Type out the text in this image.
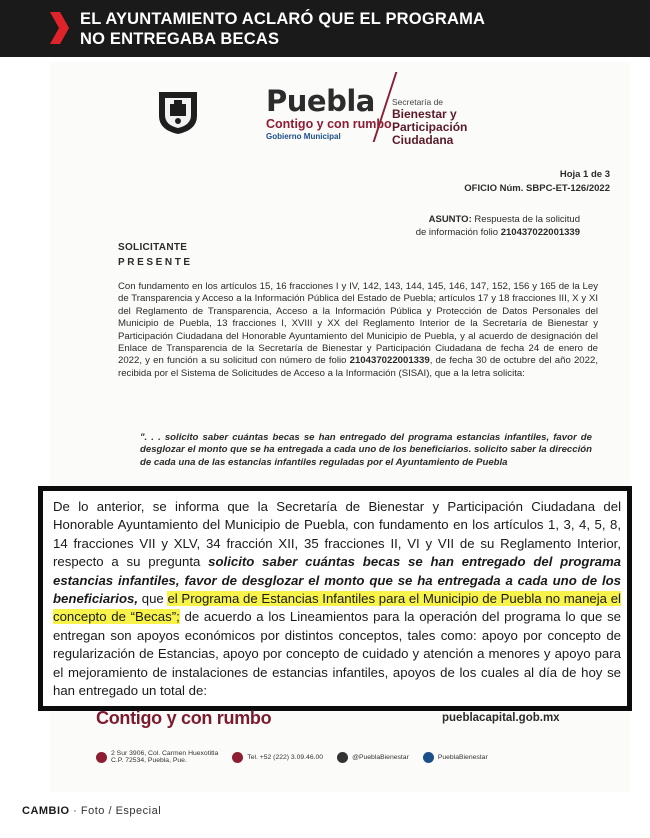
EL AYUNTAMIENTO ACLARÓ QUE EL PROGRAMA
NO ENTREGABA BECAS
Puebla
Contigo y con rumbo
Gobierno Municipal
Secretaría de
Bienestar y
Participación
Ciudadana
Hoja 1 de 3
OFICIO Núm. SBPC-ET-126/2022
ASUNTO: Respuesta de la solicitud
de información folio 210437022001339
SOLICITANTE
PRESENTE
Con fundamento en los artículos 15, 16 fracciones I y IV, 142, 143, 144, 145, 146, 147, 152, 156 y 165 de la Ley de Transparencia y Acceso a la Información Pública del Estado de Puebla; artículos 17 y 18 fracciones III, X y XI del Reglamento de Transparencia, Acceso a la Información Pública y Protección de Datos Personales del Municipio de Puebla, 13 fracciones I, XVIII y XX del Reglamento Interior de la Secretaría de Bienestar y Participación Ciudadana del Honorable Ayuntamiento del Municipio de Puebla, y al acuerdo de designación del Enlace de Transparencia de la Secretaría de Bienestar y Participación Ciudadana de fecha 24 de enero de 2022, y en función a su solicitud con número de folio 210437022001339, de fecha 30 de octubre del año 2022, recibida por el Sistema de Solicitudes de Acceso a la Información (SISAI), que a la letra solicita:
". . . solicito saber cuántas becas se han entregado del programa estancias infantiles, favor de desglozar el monto que se ha entregada a cada uno de los beneficiarios. solicito saber la dirección de cada una de las estancias infantiles reguladas por el Ayuntamiento de Puebla
De lo anterior, se informa que la Secretaría de Bienestar y Participación Ciudadana del Honorable Ayuntamiento del Municipio de Puebla, con fundamento en los artículos 1, 3, 4, 5, 8, 14 fracciones VII y XLV, 34 fracción XII, 35 fracciones II, VI y VII de su Reglamento Interior, respecto a su pregunta solicito saber cuántas becas se han entregado del programa estancias infantiles, favor de desglozar el monto que se ha entregada a cada uno de los beneficiarios, que el Programa de Estancias Infantiles para el Municipio de Puebla no maneja el concepto de “Becas”; de acuerdo a los Lineamientos para la operación del programa lo que se entregan son apoyos económicos por distintos conceptos, tales como: apoyo por concepto de regularización de Estancias, apoyo por concepto de cuidado y atención a menores y apoyo para el mejoramiento de instalaciones de estancias infantiles, apoyos de los cuales al día de hoy se han entregado un total de:
Contigo y con rumbo	pueblacapital.gob.mx
2 Sur 3906, Col. Carmen Huexotitla
C.P. 72534, Puebla, Pue.	Tel. +52 (222) 3.09.46.00	@PueblaBienestar	PueblaBienestar
CAMBIO · Foto / Especial
